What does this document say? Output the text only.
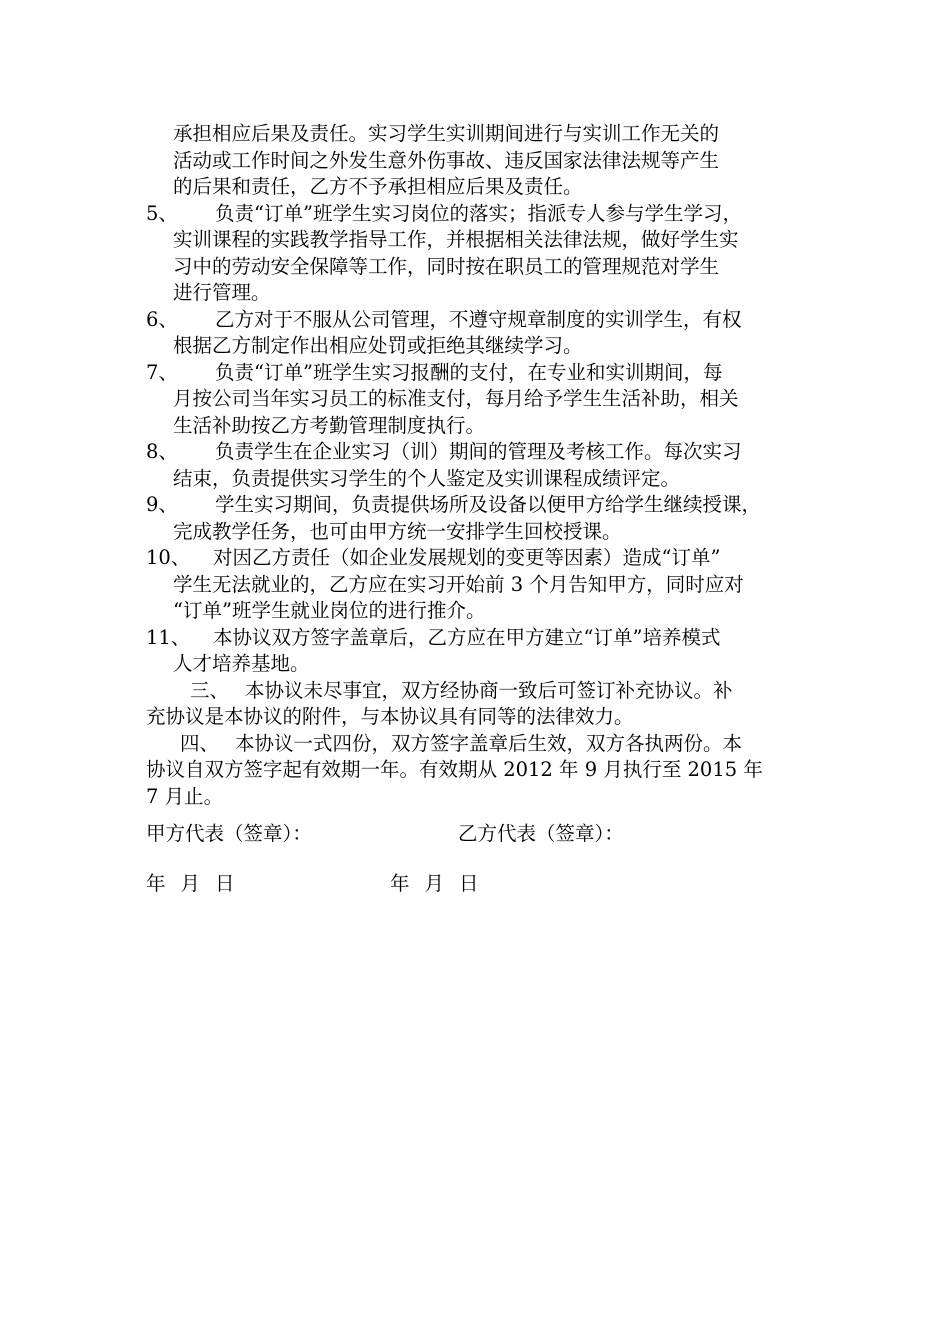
承担相应后果及责任。实习学生实训期间进行与实训工作无关的
活动或工作时间之外发生意外伤事故、违反国家法律法规等产生
的后果和责任，乙方不予承担相应后果及责任。

5、	负责“订单”班学生实习岗位的落实；指派专人参与学生学习，
实训课程的实践教学指导工作，并根据相关法律法规，做好学生实
习中的劳动安全保障等工作，同时按在职员工的管理规范对学生
进行管理。
6、	乙方对于不服从公司管理，不遵守规章制度的实训学生，有权
根据乙方制定作出相应处罚或拒绝其继续学习。
7、	负责“订单”班学生实习报酬的支付，在专业和实训期间，每
月按公司当年实习员工的标准支付，每月给予学生生活补助，相关
生活补助按乙方考勤管理制度执行。
8、	负责学生在企业实习（训）期间的管理及考核工作。每次实习
结束，负责提供实习学生的个人鉴定及实训课程成绩评定。
9、	学生实习期间，负责提供场所及设备以便甲方给学生继续授课，
完成教学任务，也可由甲方统一安排学生回校授课。
10、	对因乙方责任（如企业发展规划的变更等因素）造成“订单”
学生无法就业的，乙方应在实习开始前 3 个月告知甲方，同时应对
“订单”班学生就业岗位的进行推介。
11、	本协议双方签字盖章后，乙方应在甲方建立“订单”培养模式
人才培养基地。

三、 本协议未尽事宜，双方经协商一致后可签订补充协议。补
充协议是本协议的附件，与本协议具有同等的法律效力。

四、 本协议一式四份，双方签字盖章后生效，双方各执两份。本
协议自双方签字起有效期一年。有效期从 2012 年 9 月执行至 2015 年
7 月止。

甲方代表（签章）：	乙方代表（签章）：
年 月 日	年 月 日
